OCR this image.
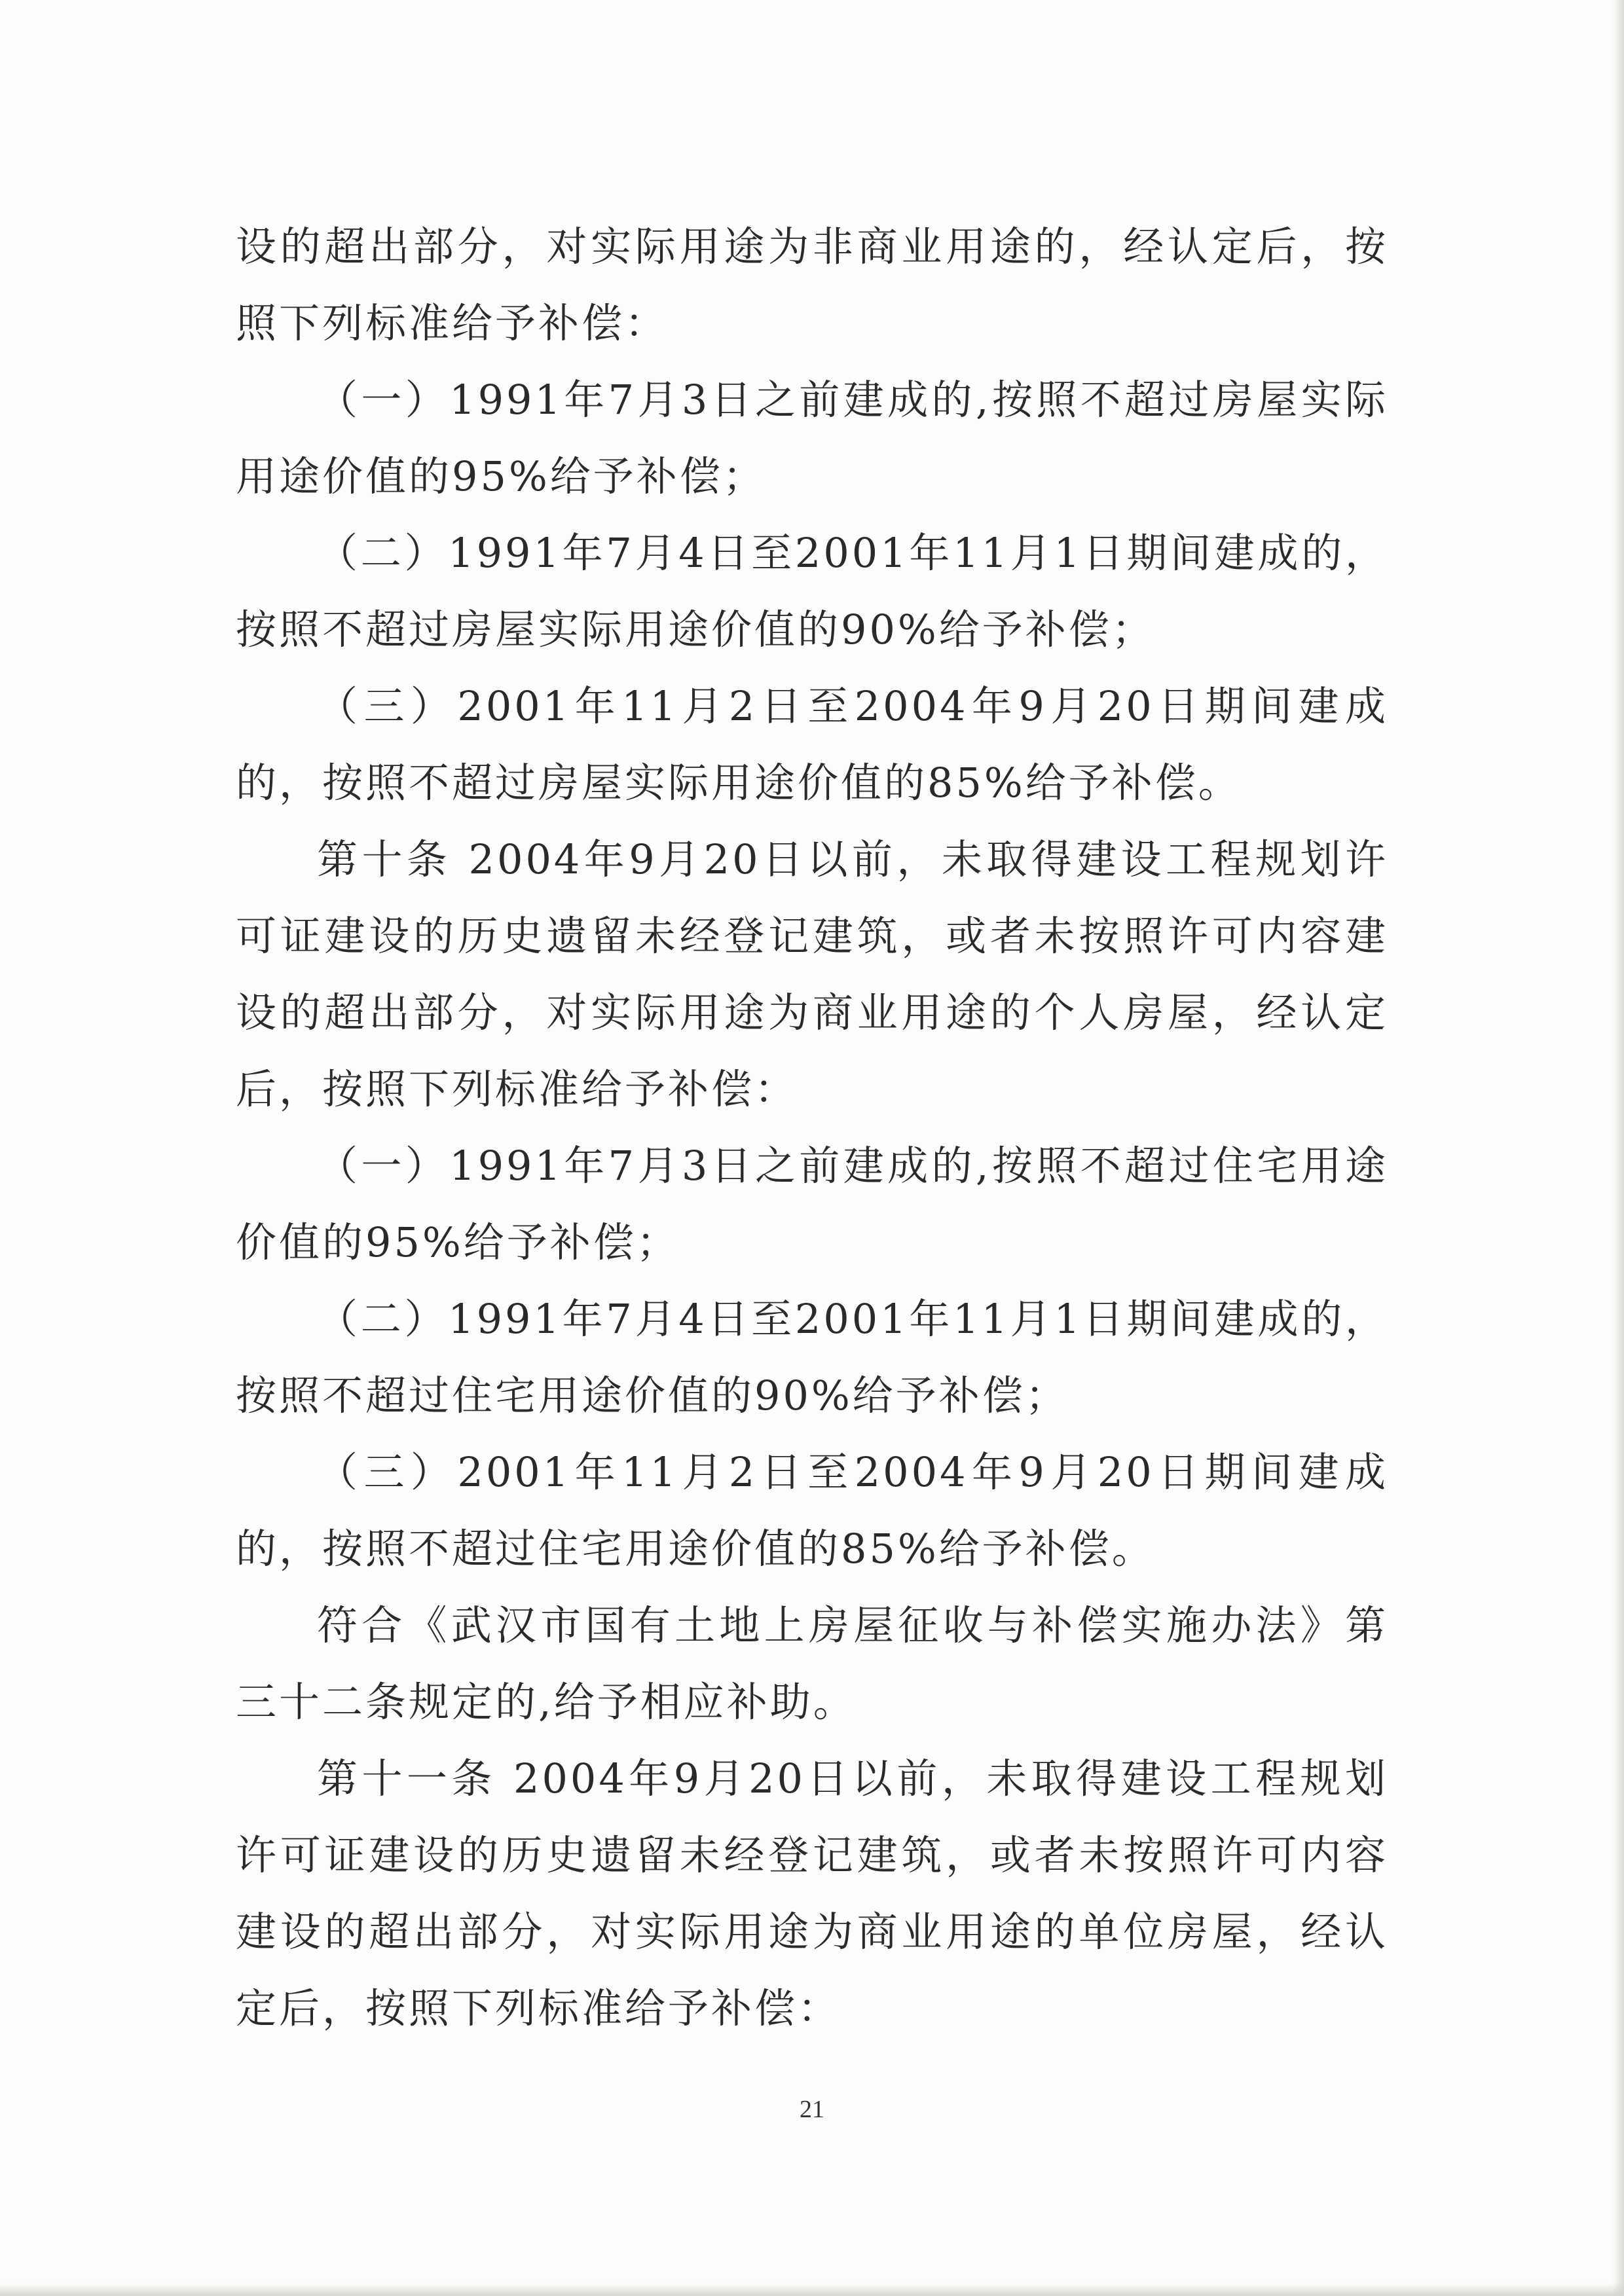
设的超出部分，对实际用途为非商业用途的，经认定后，按照下列标准给予补偿：

（一）1991年7月3日之前建成的,按照不超过房屋实际用途价值的95%给予补偿；

（二）1991年7月4日至2001年11月1日期间建成的，按照不超过房屋实际用途价值的90%给予补偿；

（三）2001年11月2日至2004年9月20日期间建成的，按照不超过房屋实际用途价值的85%给予补偿。

第十条 2004年9月20日以前，未取得建设工程规划许可证建设的历史遗留未经登记建筑，或者未按照许可内容建设的超出部分，对实际用途为商业用途的个人房屋，经认定后，按照下列标准给予补偿：

（一）1991年7月3日之前建成的,按照不超过住宅用途价值的95%给予补偿；

（二）1991年7月4日至2001年11月1日期间建成的，按照不超过住宅用途价值的90%给予补偿；

（三）2001年11月2日至2004年9月20日期间建成的，按照不超过住宅用途价值的85%给予补偿。

符合《武汉市国有土地上房屋征收与补偿实施办法》第三十二条规定的,给予相应补助。

第十一条 2004年9月20日以前，未取得建设工程规划许可证建设的历史遗留未经登记建筑，或者未按照许可内容建设的超出部分，对实际用途为商业用途的单位房屋，经认定后，按照下列标准给予补偿：

21
